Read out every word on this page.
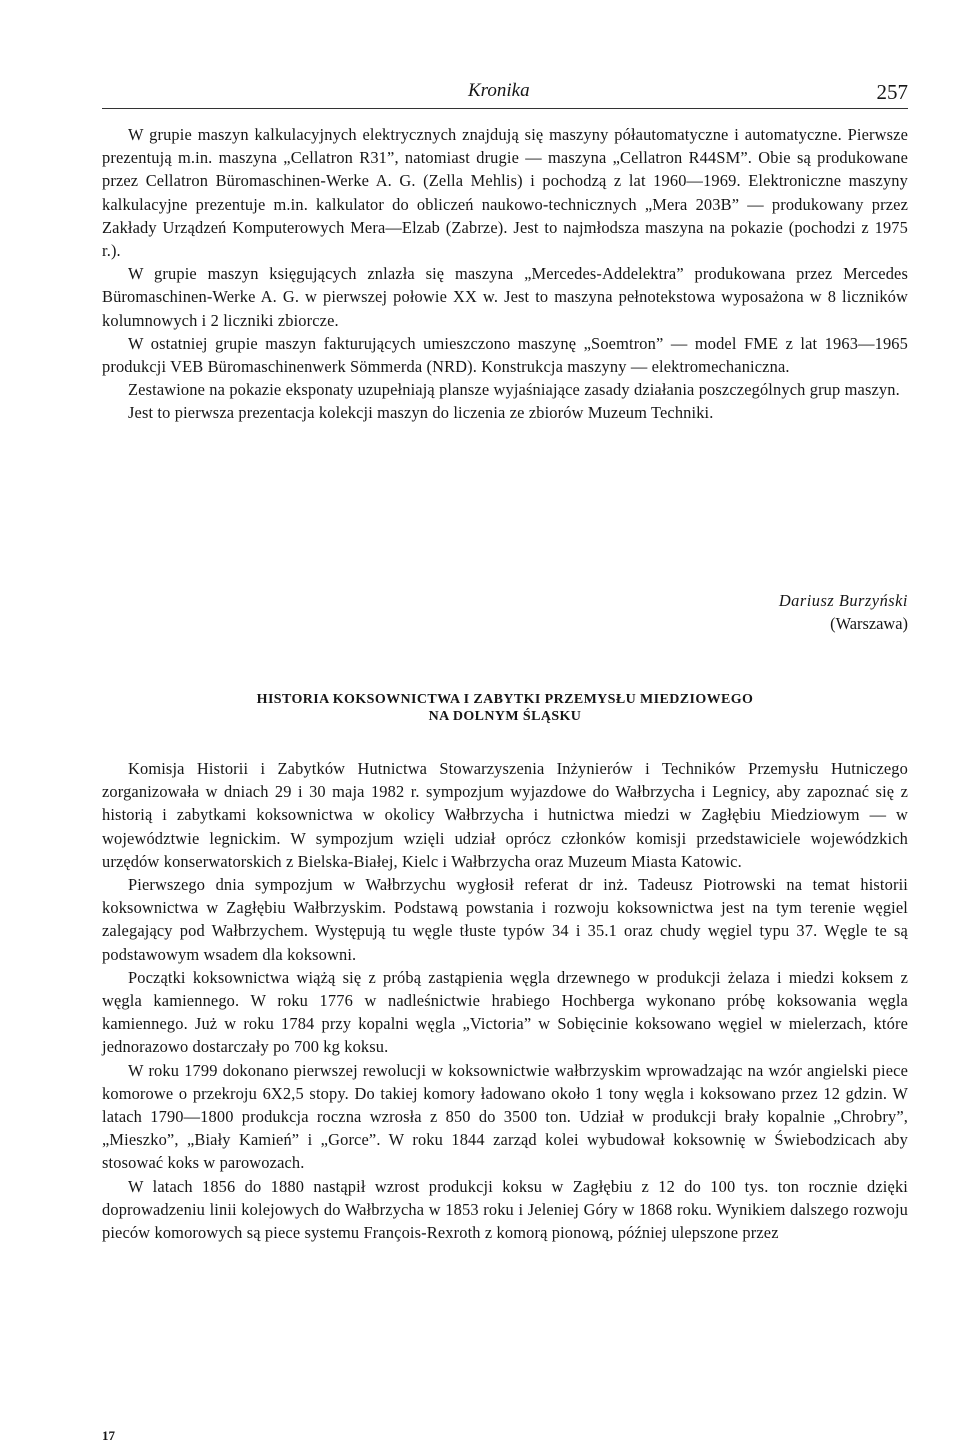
Kronika	257

W grupie maszyn kalkulacyjnych elektrycznych znajdują się maszyny półautomatyczne i automatyczne. Pierwsze prezentują m.in. maszyna „Cellatron R31”, natomiast drugie — maszyna „Cellatron R44SM”. Obie są produkowane przez Cellatron Büromaschinen-Werke A. G. (Zella Mehlis) i pochodzą z lat 1960—1969. Elektroniczne maszyny kalkulacyjne prezentuje m.in. kalkulator do obliczeń naukowo-technicznych „Mera 203B” — produkowany przez Zakłady Urządzeń Komputerowych Mera—Elzab (Zabrze). Jest to najmłodsza maszyna na pokazie (pochodzi z 1975 r.).

W grupie maszyn księgujących znlazła się maszyna „Mercedes-Addelektra” produkowana przez Mercedes Büromaschinen-Werke A. G. w pierwszej połowie XX w. Jest to maszyna pełnotekstowa wyposażona w 8 liczników kolumnowych i 2 liczniki zbiorcze.

W ostatniej grupie maszyn fakturujących umieszczono maszynę „Soemtron” — model FME z lat 1963—1965 produkcji VEB Büromaschinenwerk Sömmerda (NRD). Konstrukcja maszyny — elektromechaniczna.

Zestawione na pokazie eksponaty uzupełniają plansze wyjaśniające zasady działania poszczególnych grup maszyn.

Jest to pierwsza prezentacja kolekcji maszyn do liczenia ze zbiorów Muzeum Techniki.

Dariusz Burzyński
(Warszawa)
HISTORIA KOKSOWNICTWA I ZABYTKI PRZEMYSŁU MIEDZIOWEGO
NA DOLNYM ŚLĄSKU

Komisja Historii i Zabytków Hutnictwa Stowarzyszenia Inżynierów i Techników Przemysłu Hutniczego zorganizowała w dniach 29 i 30 maja 1982 r. sympozjum wyjazdowe do Wałbrzycha i Legnicy, aby zapoznać się z historią i zabytkami koksownictwa w okolicy Wałbrzycha i hutnictwa miedzi w Zagłębiu Miedziowym — w województwie legnickim. W sympozjum wzięli udział oprócz członków komisji przedstawiciele wojewódzkich urzędów konserwatorskich z Bielska-Białej, Kielc i Wałbrzycha oraz Muzeum Miasta Katowic.

Pierwszego dnia sympozjum w Wałbrzychu wygłosił referat dr inż. Tadeusz Piotrowski na temat historii koksownictwa w Zagłębiu Wałbrzyskim. Podstawą powstania i rozwoju koksownictwa jest na tym terenie węgiel zalegający pod Wałbrzychem. Występują tu węgle tłuste typów 34 i 35.1 oraz chudy węgiel typu 37. Węgle te są podstawowym wsadem dla koksowni.

Początki koksownictwa wiążą się z próbą zastąpienia węgla drzewnego w produkcji żelaza i miedzi koksem z węgla kamiennego. W roku 1776 w nadleśnictwie hrabiego Hochberga wykonano próbę koksowania węgla kamiennego. Już w roku 1784 przy kopalni węgla „Victoria” w Sobięcinie koksowano węgiel w mielerzach, które jednorazowo dostarczały po 700 kg koksu.

W roku 1799 dokonano pierwszej rewolucji w koksownictwie wałbrzyskim wprowadzając na wzór angielski piece komorowe o przekroju 6X2,5 stopy. Do takiej komory ładowano około 1 tony węgla i koksowano przez 12 gdzin. W latach 1790—1800 produkcja roczna wzrosła z 850 do 3500 ton. Udział w produkcji brały kopalnie „Chrobry”, „Mieszko”, „Biały Kamień” i „Gorce”. W roku 1844 zarząd kolei wybudował koksownię w Świebodzicach aby stosować koks w parowozach.

W latach 1856 do 1880 nastąpił wzrost produkcji koksu w Zagłębiu z 12 do 100 tys. ton rocznie dzięki doprowadzeniu linii kolejowych do Wałbrzycha w 1853 roku i Jeleniej Góry w 1868 roku. Wynikiem dalszego rozwoju pieców komorowych są piece systemu François-Rexroth z komorą pionową, później ulepszone przez

17
